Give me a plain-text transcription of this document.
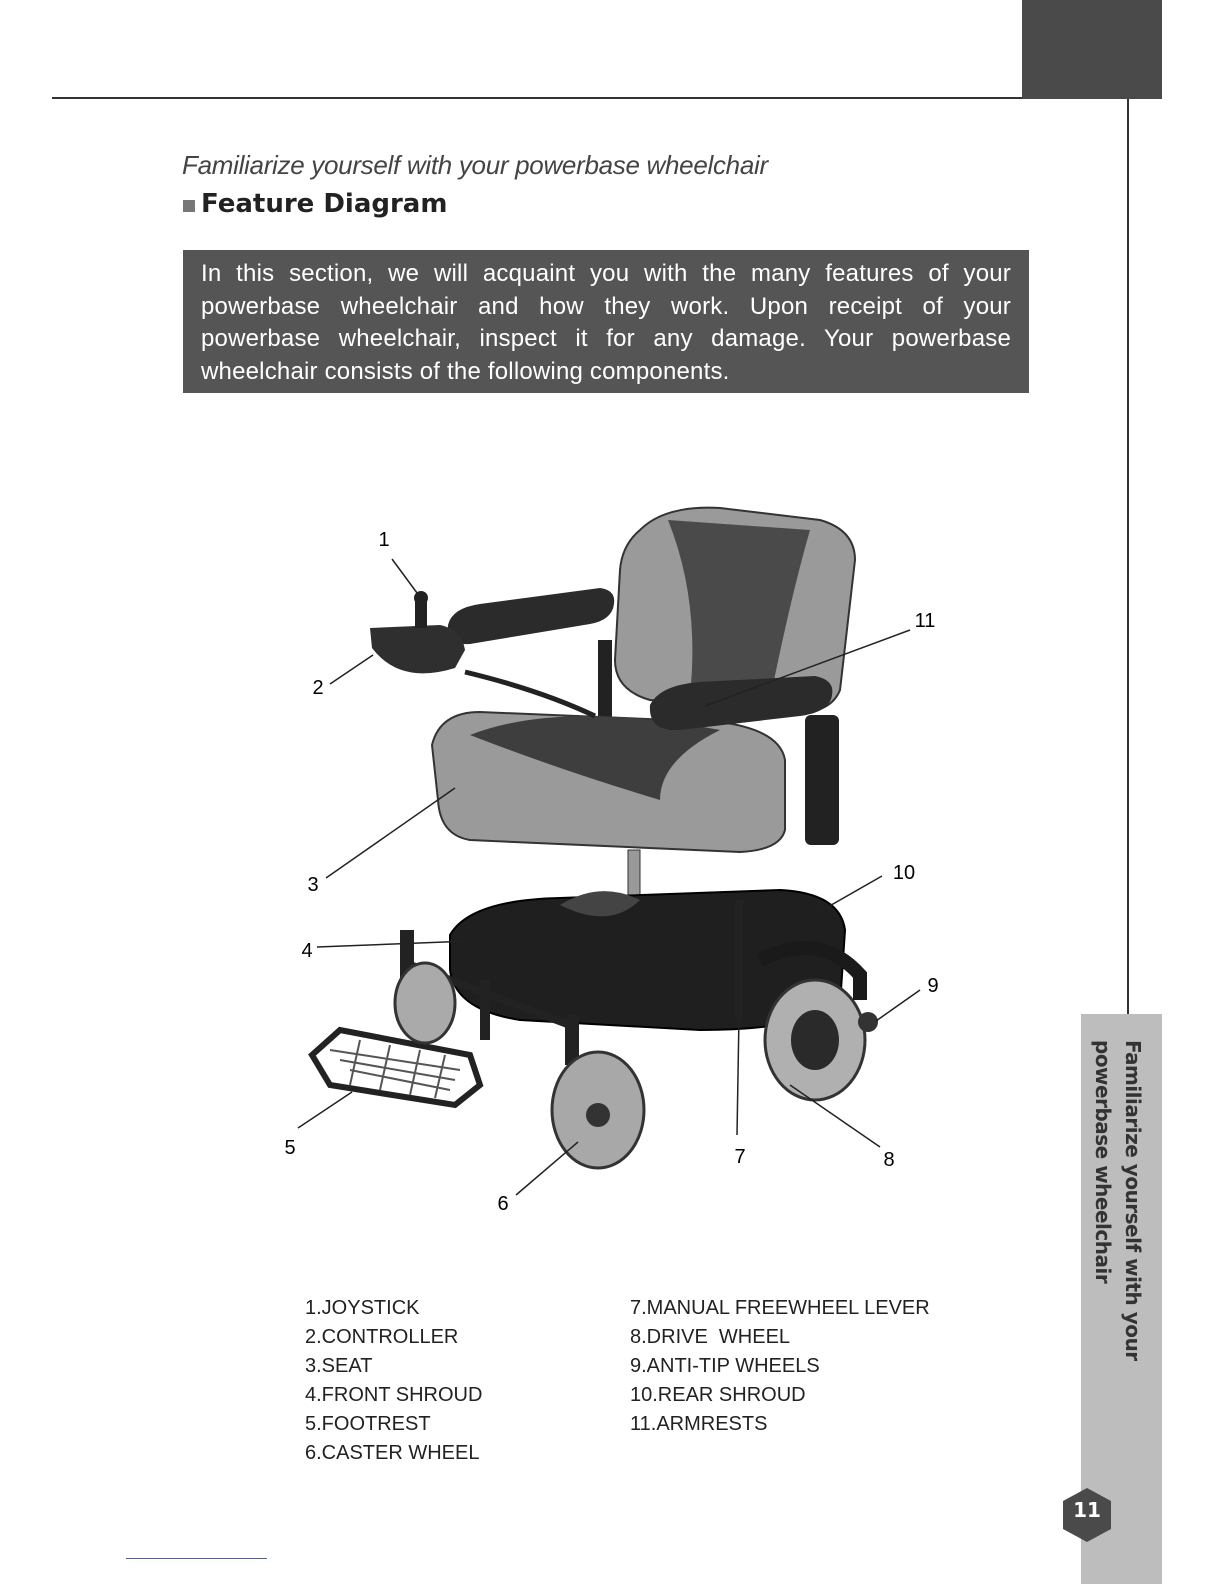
Familiarize yourself with your powerbase wheelchair
11
Familiarize yourself with your powerbase wheelchair
Feature Diagram
In this section, we will acquaint you with the many features of your powerbase wheelchair and how they work. Upon receipt of your powerbase wheelchair, inspect it for any damage. Your powerbase wheelchair consists of the following components.
1
2
3
4
5
6
7	8
9
10
11
1.JOYSTICK
2.CONTROLLER
3.SEAT
4.FRONT SHROUD
5.FOOTREST
6.CASTER WHEEL
7.MANUAL FREEWHEEL LEVER
8.DRIVE  WHEEL
9.ANTI-TIP WHEELS
10.REAR SHROUD
11.ARMRESTS
